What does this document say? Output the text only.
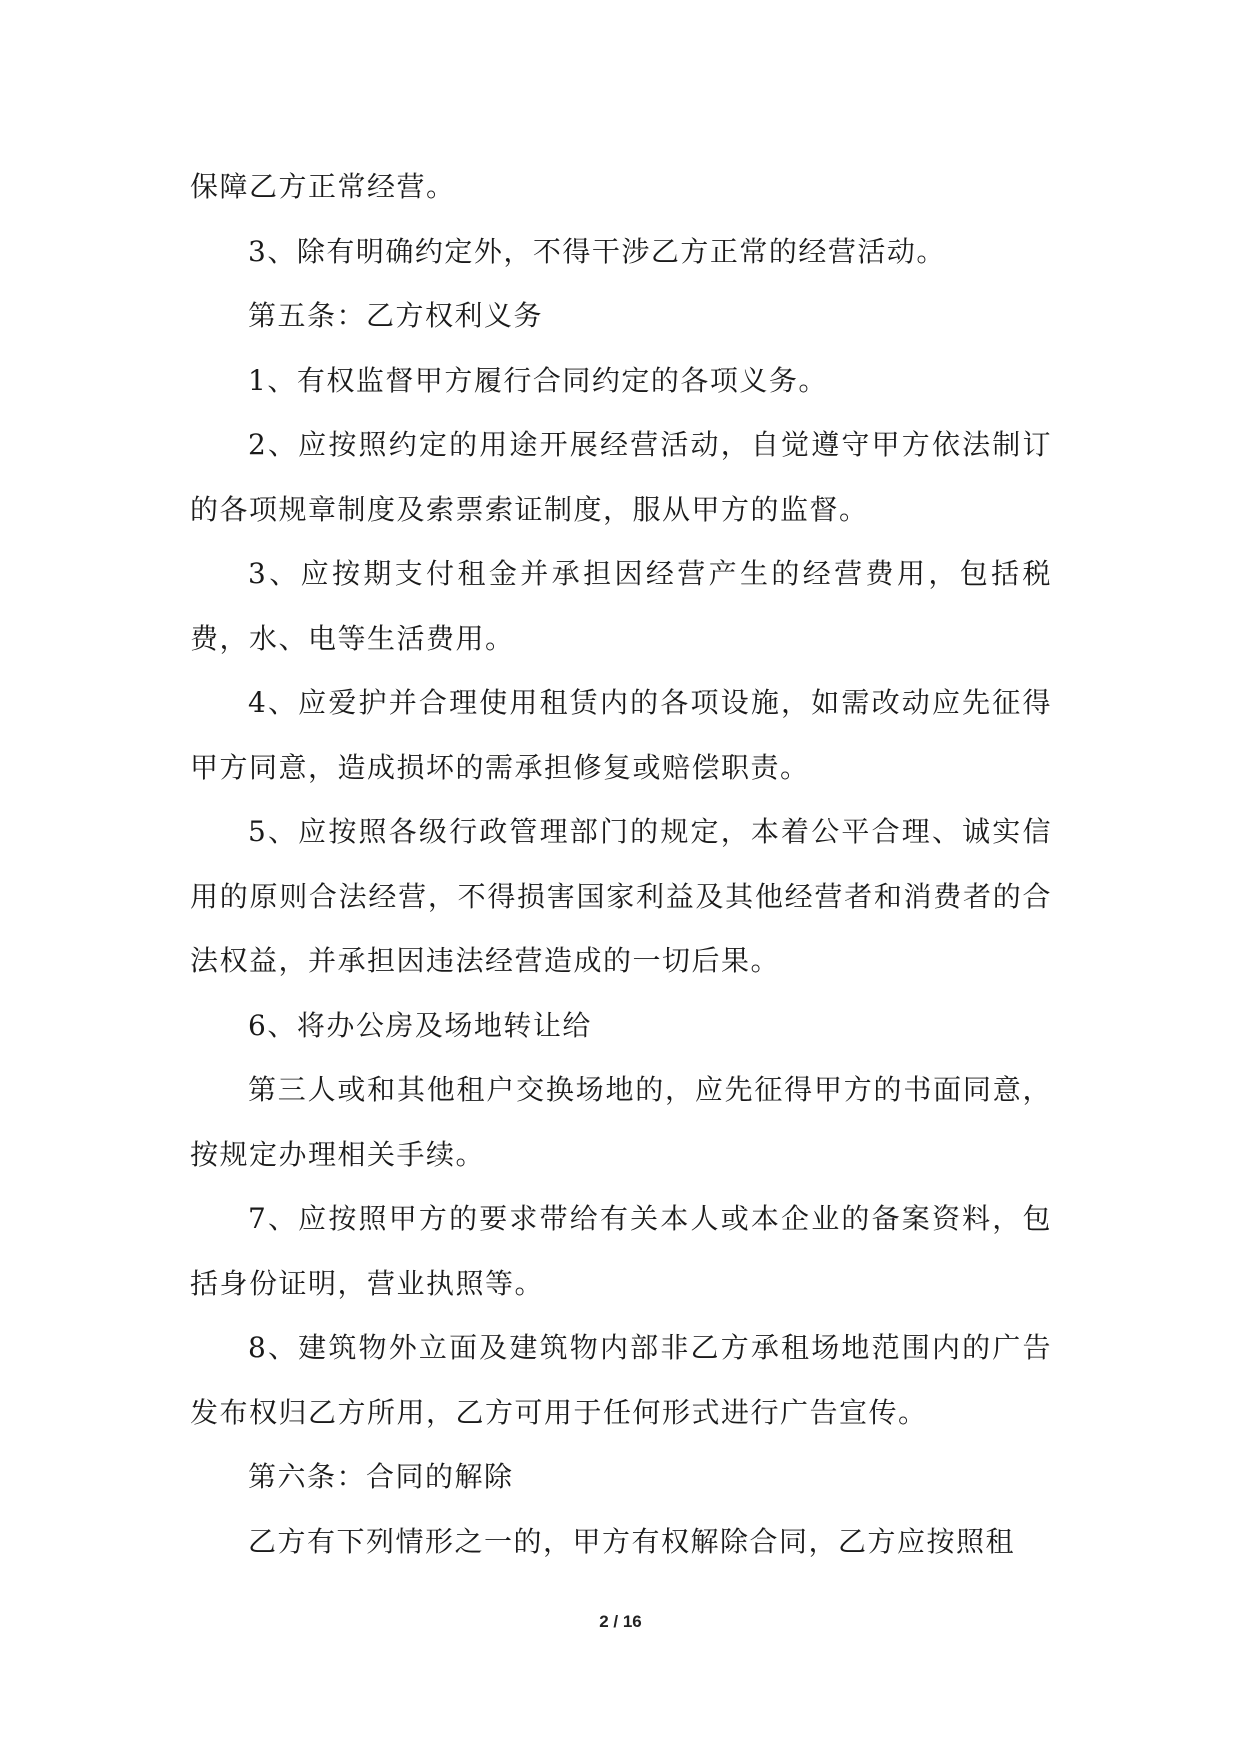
保障乙方正常经营。

3、除有明确约定外，不得干涉乙方正常的经营活动。

第五条：乙方权利义务

1、有权监督甲方履行合同约定的各项义务。

2、应按照约定的用途开展经营活动，自觉遵守甲方依法制订的各项规章制度及索票索证制度，服从甲方的监督。

3、应按期支付租金并承担因经营产生的经营费用，包括税费，水、电等生活费用。

4、应爱护并合理使用租赁内的各项设施，如需改动应先征得甲方同意，造成损坏的需承担修复或赔偿职责。

5、应按照各级行政管理部门的规定，本着公平合理、诚实信用的原则合法经营，不得损害国家利益及其他经营者和消费者的合法权益，并承担因违法经营造成的一切后果。

6、将办公房及场地转让给

第三人或和其他租户交换场地的，应先征得甲方的书面同意，按规定办理相关手续。

7、应按照甲方的要求带给有关本人或本企业的备案资料，包括身份证明，营业执照等。

8、建筑物外立面及建筑物内部非乙方承租场地范围内的广告发布权归乙方所用，乙方可用于任何形式进行广告宣传。

第六条：合同的解除

乙方有下列情形之一的，甲方有权解除合同，乙方应按照租

2 / 16
